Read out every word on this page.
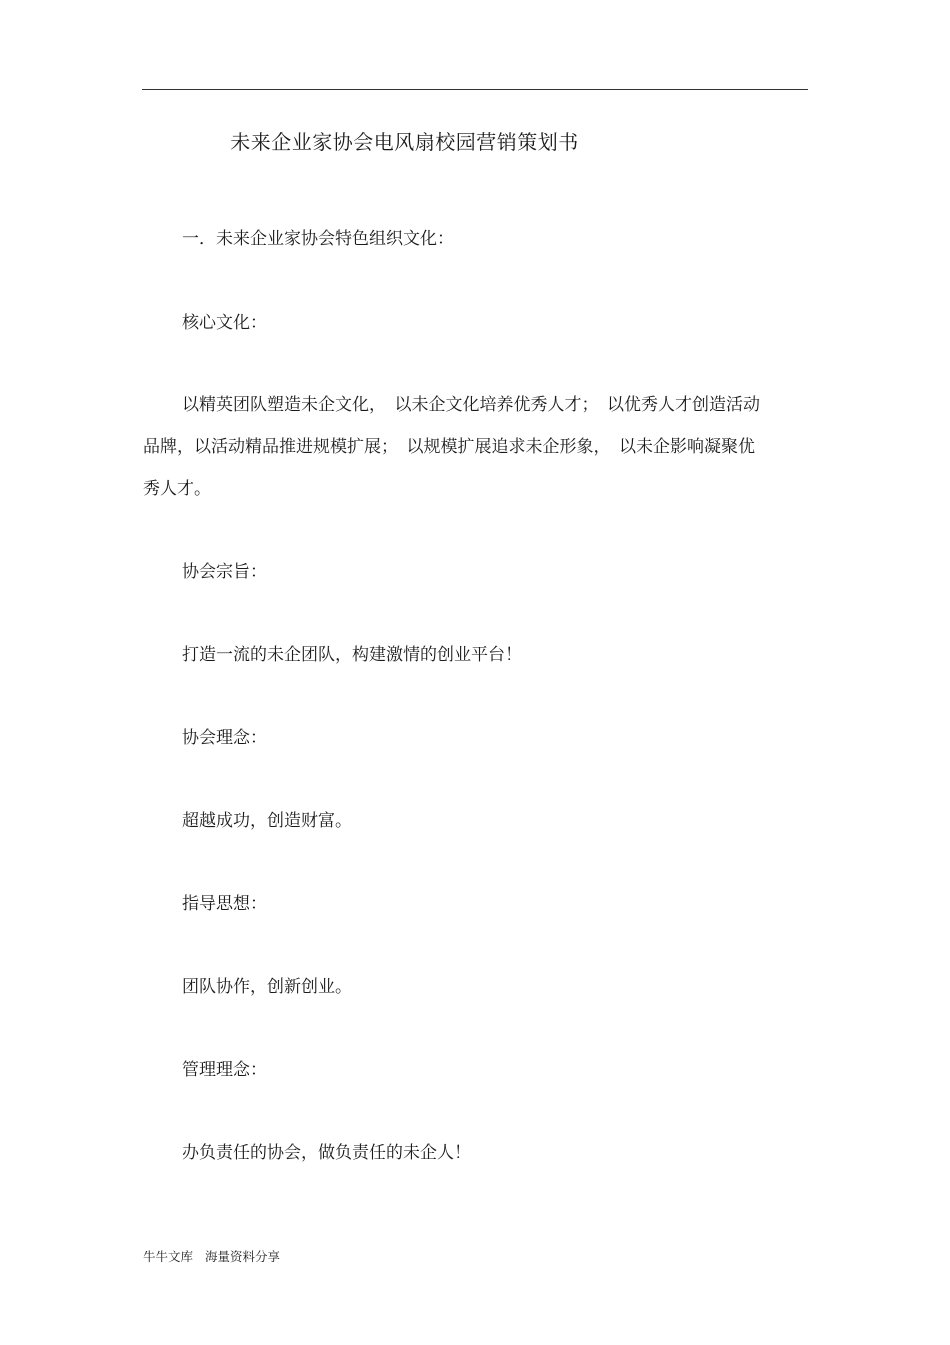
未来企业家协会电风扇校园营销策划书
一．未来企业家协会特色组织文化：
核心文化：
以精英团队塑造未企文化，　以未企文化培养优秀人才；　以优秀人才创造活动
品牌，以活动精品推进规模扩展；　以规模扩展追求未企形象，　以未企影响凝聚优
秀人才。
协会宗旨：
打造一流的未企团队，构建激情的创业平台！
协会理念：
超越成功，创造财富。
指导思想：
团队协作，创新创业。
管理理念：
办负责任的协会，做负责任的未企人！
牛牛文库 海量资料分享
